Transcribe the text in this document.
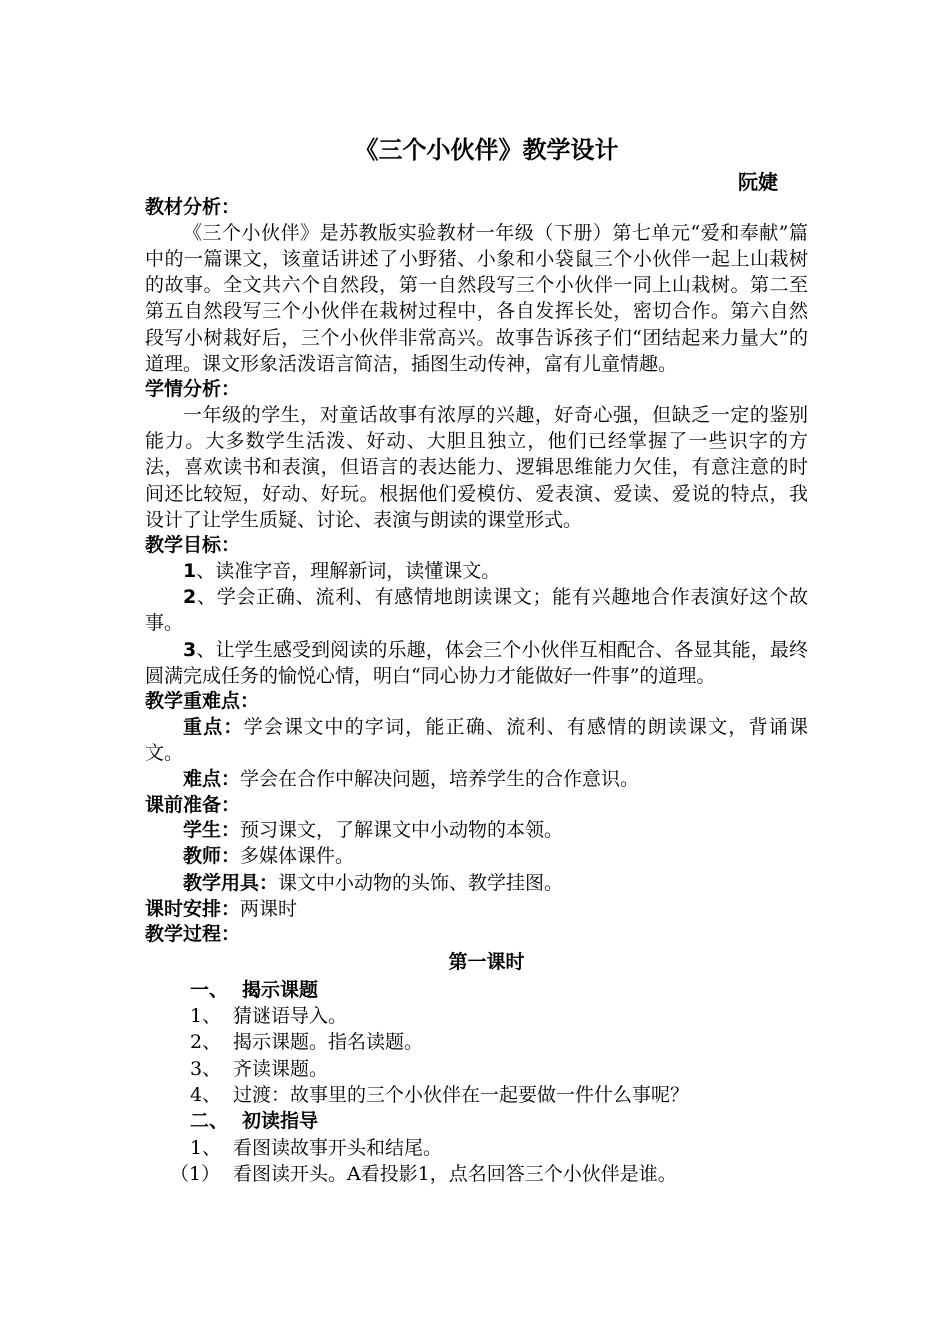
《三个小伙伴》教学设计
阮婕
教材分析：
《三个小伙伴》是苏教版实验教材一年级（下册）第七单元“爱和奉献”篇中的一篇课文，该童话讲述了小野猪、小象和小袋鼠三个小伙伴一起上山栽树的故事。全文共六个自然段，第一自然段写三个小伙伴一同上山栽树。第二至第五自然段写三个小伙伴在栽树过程中，各自发挥长处，密切合作。第六自然段写小树栽好后，三个小伙伴非常高兴。故事告诉孩子们“团结起来力量大”的道理。课文形象活泼语言简洁，插图生动传神，富有儿童情趣。
学情分析：
一年级的学生，对童话故事有浓厚的兴趣，好奇心强，但缺乏一定的鉴别能力。大多数学生活泼、好动、大胆且独立，他们已经掌握了一些识字的方法，喜欢读书和表演，但语言的表达能力、逻辑思维能力欠佳，有意注意的时间还比较短，好动、好玩。根据他们爱模仿、爱表演、爱读、爱说的特点，我设计了让学生质疑、讨论、表演与朗读的课堂形式。
教学目标：
1、读准字音，理解新词，读懂课文。
2、学会正确、流利、有感情地朗读课文；能有兴趣地合作表演好这个故事。
3、让学生感受到阅读的乐趣，体会三个小伙伴互相配合、各显其能，最终圆满完成任务的愉悦心情，明白“同心协力才能做好一件事”的道理。
教学重难点：
重点：学会课文中的字词，能正确、流利、有感情的朗读课文，背诵课文。
难点：学会在合作中解决问题，培养学生的合作意识。
课前准备：
学生：预习课文，了解课文中小动物的本领。
教师：多媒体课件。
教学用具：课文中小动物的头饰、教学挂图。
课时安排：两课时
教学过程：
第一课时
一、 揭示课题
1、 猜谜语导入。
2、 揭示课题。指名读题。
3、 齐读课题。
4、 过渡：故事里的三个小伙伴在一起要做一件什么事呢？
二、 初读指导
1、 看图读故事开头和结尾。
（1） 看图读开头。A看投影1，点名回答三个小伙伴是谁。
